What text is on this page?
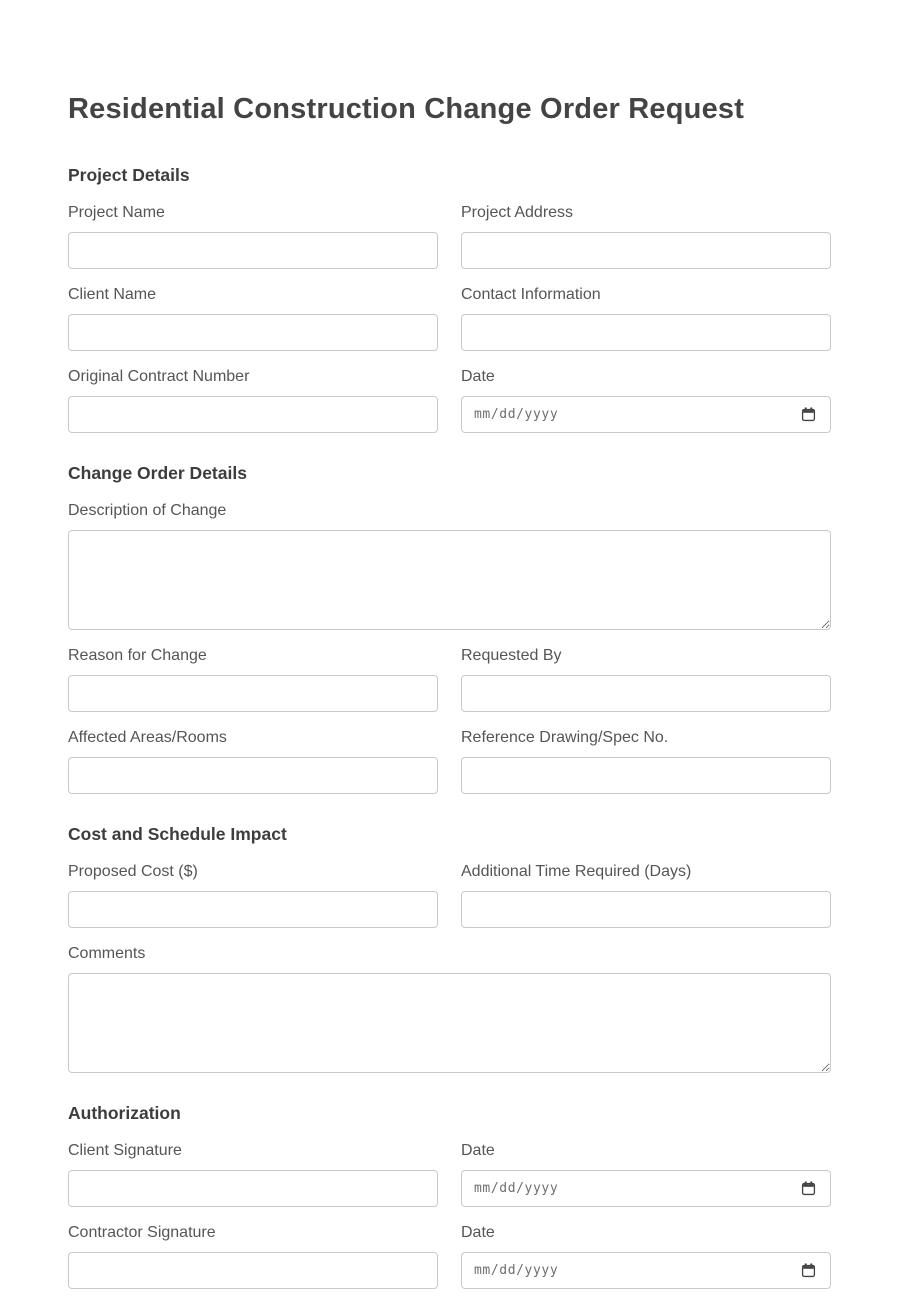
Residential Construction Change Order Request
Project Details
Project Name	Project Address
Client Name	Contact Information
Original Contract Number	Date
mm/dd/yyyy
Change Order Details
Description of Change
Reason for Change	Requested By
Affected Areas/Rooms	Reference Drawing/Spec No.
Cost and Schedule Impact
Proposed Cost ($)	Additional Time Required (Days)
Comments
Authorization
Client Signature	Date
mm/dd/yyyy
Contractor Signature	Date
mm/dd/yyyy
